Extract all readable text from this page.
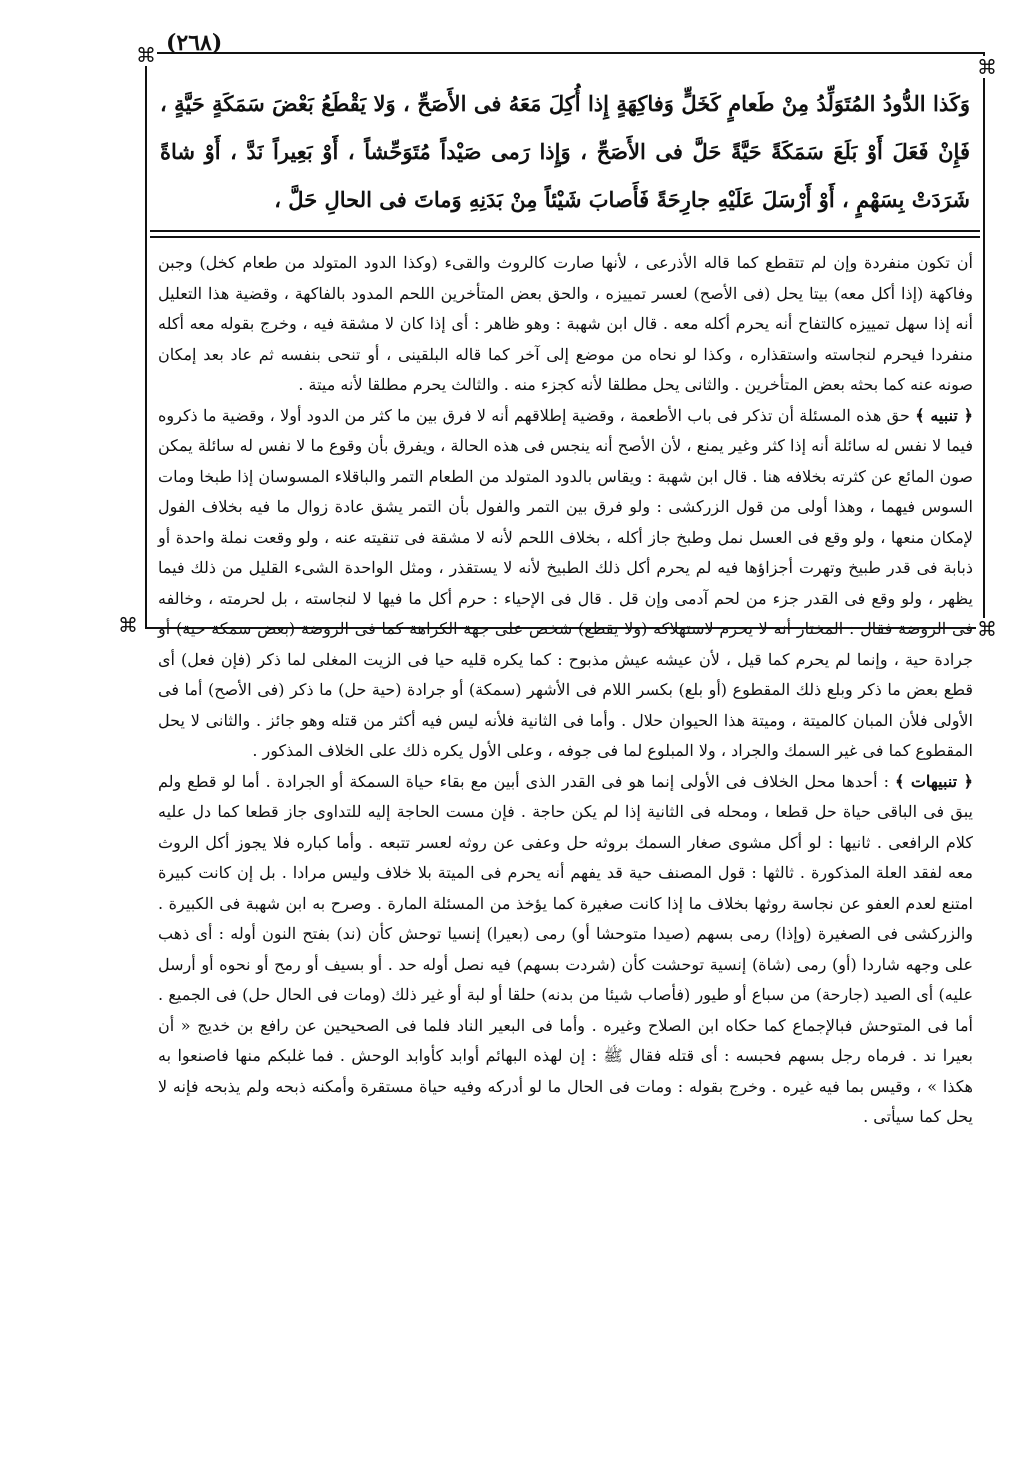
(٢٦٨)
⌘	⌘
⌘	⌘
وَكَذا الدُّودُ المُتَوَلِّدُ مِنْ طَعامٍ كَخَلٍّ وَفاكِهَةٍ إِذا أُكِلَ مَعَهُ فى الأَصَحِّ ، وَلا يَقْطَعُ بَعْضَ سَمَكَةٍ حَيَّةٍ ، فَإِنْ فَعَلَ أَوْ بَلَعَ سَمَكَةً حَيَّةً حَلَّ فى الأَصَحِّ ، وَإِذا رَمى صَيْداً مُتَوَحِّشاً ، أَوْ بَعِيراً نَدَّ ، أَوْ شاةً شَرَدَتْ بِسَهْمٍ ، أَوْ أَرْسَلَ عَلَيْهِ جارِحَةً فَأَصابَ شَيْئاً مِنْ بَدَنِهِ وَماتَ فى الحالِ حَلَّ ،

أن تكون منفردة وإن لم تتقطع كما قاله الأذرعى ، لأنها صارت كالروث والقىء (وكذا الدود المتولد من طعام كخل) وجبن وفاكهة (إذا أكل معه) بيتا يحل (فى الأصح) لعسر تمييزه ، والحق بعض المتأخرين اللحم المدود بالفاكهة ، وقضية هذا التعليل أنه إذا سهل تمييزه كالتفاح أنه يحرم أكله معه . قال ابن شهبة : وهو ظاهر : أى إذا كان لا مشقة فيه ، وخرج بقوله معه أكله منفردا فيحرم لنجاسته واستقذاره ، وكذا لو نحاه من موضع إلى آخر كما قاله البلقينى ، أو تنحى بنفسه ثم عاد بعد إمكان صونه عنه كما بحثه بعض المتأخرين . والثانى يحل مطلقا لأنه كجزء منه . والثالث يحرم مطلقا لأنه ميتة .

﴿ تنبيه ﴾ حق هذه المسئلة أن تذكر فى باب الأطعمة ، وقضية إطلاقهم أنه لا فرق بين ما كثر من الدود أولا ، وقضية ما ذكروه فيما لا نفس له سائلة أنه إذا كثر وغير يمنع ، لأن الأصح أنه ينجس فى هذه الحالة ، ويفرق بأن وقوع ما لا نفس له سائلة يمكن صون المائع عن كثرته بخلافه هنا . قال ابن شهبة : ويقاس بالدود المتولد من الطعام التمر والباقلاء المسوسان إذا طبخا ومات السوس فيهما ، وهذا أولى من قول الزركشى : ولو فرق بين التمر والفول بأن التمر يشق عادة زوال ما فيه بخلاف الفول لإمكان منعها ، ولو وقع فى العسل نمل وطبخ جاز أكله ، بخلاف اللحم لأنه لا مشقة فى تنقيته عنه ، ولو وقعت نملة واحدة أو ذبابة فى قدر طبيخ وتهرت أجزاؤها فيه لم يحرم أكل ذلك الطبيخ لأنه لا يستقذر ، ومثل الواحدة الشىء القليل من ذلك فيما يظهر ، ولو وقع فى القدر جزء من لحم آدمى وإن قل . قال فى الإحياء : حرم أكل ما فيها لا لنجاسته ، بل لحرمته ، وخالفه فى الروضة فقال : المختار أنه لا يحرم لاستهلاكه (ولا يقطع) شخص على جهة الكراهة كما فى الروضة (بعض سمكة حية) أو جرادة حية ، وإنما لم يحرم كما قيل ، لأن عيشه عيش مذبوح : كما يكره قليه حيا فى الزيت المغلى لما ذكر (فإن فعل) أى قطع بعض ما ذكر وبلع ذلك المقطوع (أو بلع) بكسر اللام فى الأشهر (سمكة) أو جرادة (حية حل) ما ذكر (فى الأصح) أما فى الأولى فلأن المبان كالميتة ، وميتة هذا الحيوان حلال . وأما فى الثانية فلأنه ليس فيه أكثر من قتله وهو جائز . والثانى لا يحل المقطوع كما فى غير السمك والجراد ، ولا المبلوع لما فى جوفه ، وعلى الأول يكره ذلك على الخلاف المذكور .

﴿ تنبيهات ﴾ : أحدها محل الخلاف فى الأولى إنما هو فى القدر الذى أبين مع بقاء حياة السمكة أو الجرادة . أما لو قطع ولم يبق فى الباقى حياة حل قطعا ، ومحله فى الثانية إذا لم يكن حاجة . فإن مست الحاجة إليه للتداوى جاز قطعا كما دل عليه كلام الرافعى . ثانيها : لو أكل مشوى صغار السمك بروثه حل وعفى عن روثه لعسر تتبعه . وأما كباره فلا يجوز أكل الروث معه لفقد العلة المذكورة . ثالثها : قول المصنف حية قد يفهم أنه يحرم فى الميتة بلا خلاف وليس مرادا . بل إن كانت كبيرة امتنع لعدم العفو عن نجاسة روثها بخلاف ما إذا كانت صغيرة كما يؤخذ من المسئلة المارة . وصرح به ابن شهبة فى الكبيرة . والزركشى فى الصغيرة (وإذا) رمى بسهم (صيدا متوحشا أو) رمى (بعيرا) إنسيا توحش كأن (ند) بفتح النون أوله : أى ذهب على وجهه شاردا (أو) رمى (شاة) إنسية توحشت كأن (شردت بسهم) فيه نصل أوله حد . أو بسيف أو رمح أو نحوه أو أرسل عليه) أى الصيد (جارحة) من سباع أو طيور (فأصاب شيئا من بدنه) حلقا أو لبة أو غير ذلك (ومات فى الحال حل) فى الجميع . أما فى المتوحش فبالإجماع كما حكاه ابن الصلاح وغيره . وأما فى البعير الناد فلما فى الصحيحين عن رافع بن خديج « أن بعيرا ند . فرماه رجل بسهم فحبسه : أى قتله فقال ﷺ : إن لهذه البهائم أوابد كأوابد الوحش . فما غلبكم منها فاصنعوا به هكذا » ، وقيس بما فيه غيره . وخرج بقوله : ومات فى الحال ما لو أدركه وفيه حياة مستقرة وأمكنه ذبحه ولم يذبحه فإنه لا يحل كما سيأتى .
